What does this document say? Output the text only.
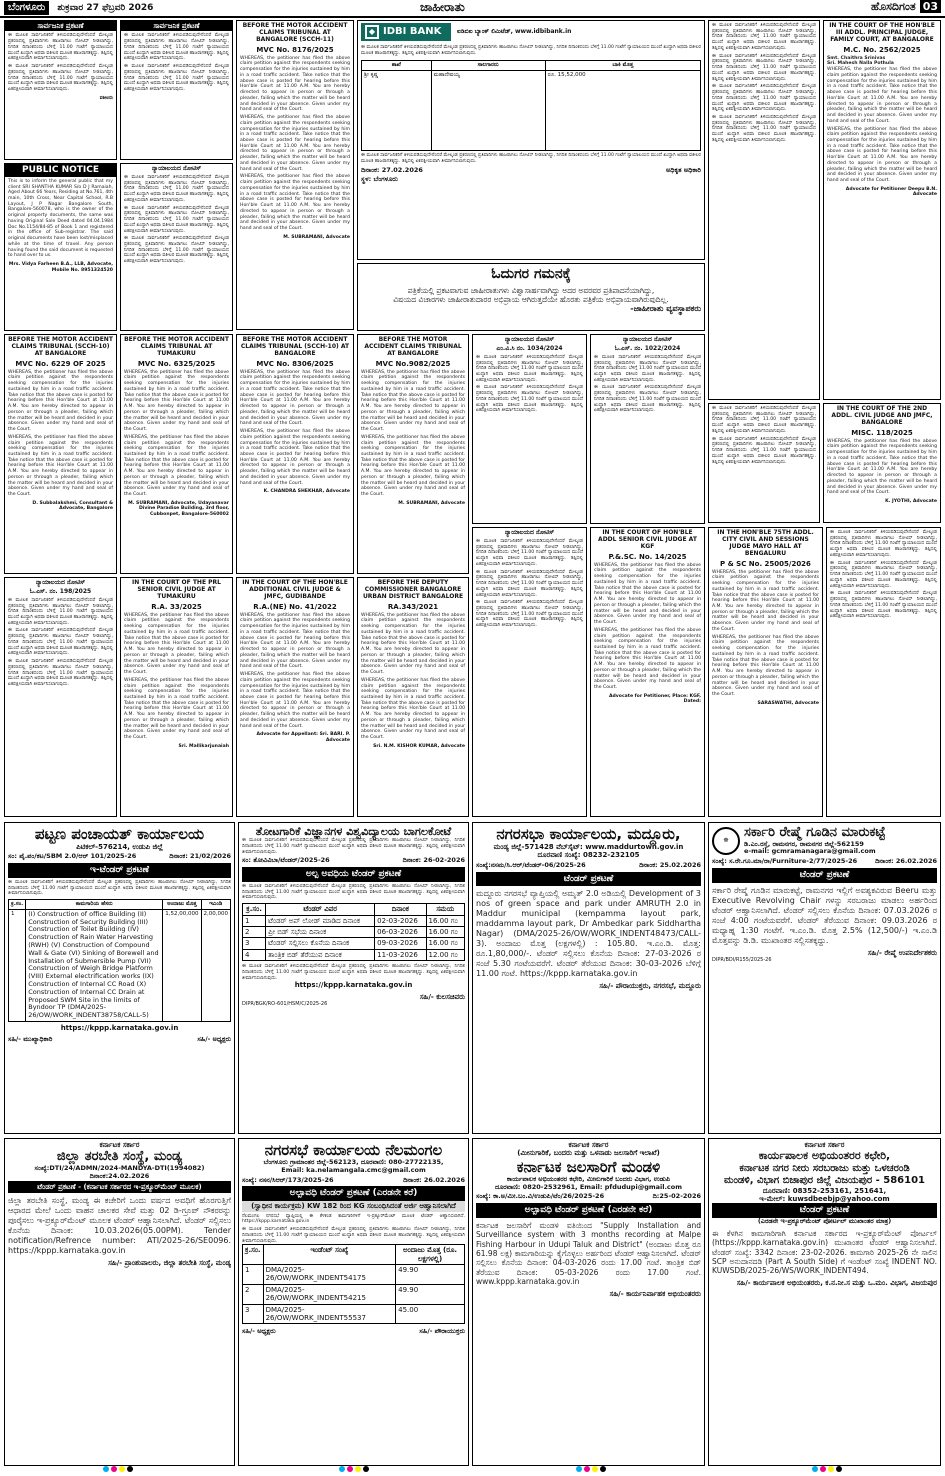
ಬೆಂಗಳೂರು	ಶುಕ್ರವಾರ 27 ಫೆಬ್ರವರಿ 2026	ಜಾಹೀರಾತು	ಹೊಸದಿಗಂತ 03
ಸಾರ್ವಜನಿಕ ಪ್ರಕಟಣೆ

ಈ ಮೂಲಕ ಸಾರ್ವಜನಿಕರಿಗೆ ತಿಳಿಯಪಡಿಸುವುದೇನೆಂದರೆ ಮೇಲ್ಕಂಡ ಪ್ರಕರಣದಲ್ಲಿ ಪ್ರತಿವಾದಿಗಳು ಹಾಜರಾಗಲು ನೋಟಿಸ್ ನೀಡಲಾಗಿದ್ದು, ನಿಗದಿತ ದಿನಾಂಕದಂದು ಬೆಳಿಗ್ಗೆ 11.00 ಗಂಟೆಗೆ ನ್ಯಾಯಾಲಯದ ಮುಂದೆ ಖುದ್ದಾಗಿ ಅಥವಾ ವಕೀಲರ ಮೂಲಕ ಹಾಜರಾಗತಕ್ಕದ್ದು. ತಪ್ಪಿದಲ್ಲಿ ಏಕಪಕ್ಷೀಯವಾಗಿ ತೀರ್ಮಾನಿಸಲಾಗುವುದು.

ಈ ಮೂಲಕ ಸಾರ್ವಜನಿಕರಿಗೆ ತಿಳಿಯಪಡಿಸುವುದೇನೆಂದರೆ ಮೇಲ್ಕಂಡ ಪ್ರಕರಣದಲ್ಲಿ ಪ್ರತಿವಾದಿಗಳು ಹಾಜರಾಗಲು ನೋಟಿಸ್ ನೀಡಲಾಗಿದ್ದು, ನಿಗದಿತ ದಿನಾಂಕದಂದು ಬೆಳಿಗ್ಗೆ 11.00 ಗಂಟೆಗೆ ನ್ಯಾಯಾಲಯದ ಮುಂದೆ ಖುದ್ದಾಗಿ ಅಥವಾ ವಕೀಲರ ಮೂಲಕ ಹಾಜರಾಗತಕ್ಕದ್ದು. ತಪ್ಪಿದಲ್ಲಿ ಏಕಪಕ್ಷೀಯವಾಗಿ ತೀರ್ಮಾನಿಸಲಾಗುವುದು.

ವಕೀಲರು
ಸಾರ್ವಜನಿಕ ಪ್ರಕಟಣೆ

ಈ ಮೂಲಕ ಸಾರ್ವಜನಿಕರಿಗೆ ತಿಳಿಯಪಡಿಸುವುದೇನೆಂದರೆ ಮೇಲ್ಕಂಡ ಪ್ರಕರಣದಲ್ಲಿ ಪ್ರತಿವಾದಿಗಳು ಹಾಜರಾಗಲು ನೋಟಿಸ್ ನೀಡಲಾಗಿದ್ದು, ನಿಗದಿತ ದಿನಾಂಕದಂದು ಬೆಳಿಗ್ಗೆ 11.00 ಗಂಟೆಗೆ ನ್ಯಾಯಾಲಯದ ಮುಂದೆ ಖುದ್ದಾಗಿ ಅಥವಾ ವಕೀಲರ ಮೂಲಕ ಹಾಜರಾಗತಕ್ಕದ್ದು. ತಪ್ಪಿದಲ್ಲಿ ಏಕಪಕ್ಷೀಯವಾಗಿ ತೀರ್ಮಾನಿಸಲಾಗುವುದು.

ಈ ಮೂಲಕ ಸಾರ್ವಜನಿಕರಿಗೆ ತಿಳಿಯಪಡಿಸುವುದೇನೆಂದರೆ ಮೇಲ್ಕಂಡ ಪ್ರಕರಣದಲ್ಲಿ ಪ್ರತಿವಾದಿಗಳು ಹಾಜರಾಗಲು ನೋಟಿಸ್ ನೀಡಲಾಗಿದ್ದು, ನಿಗದಿತ ದಿನಾಂಕದಂದು ಬೆಳಿಗ್ಗೆ 11.00 ಗಂಟೆಗೆ ನ್ಯಾಯಾಲಯದ ಮುಂದೆ ಖುದ್ದಾಗಿ ಅಥವಾ ವಕೀಲರ ಮೂಲಕ ಹಾಜರಾಗತಕ್ಕದ್ದು. ತಪ್ಪಿದಲ್ಲಿ ಏಕಪಕ್ಷೀಯವಾಗಿ ತೀರ್ಮಾನಿಸಲಾಗುವುದು.

PUBLIC NOTICE

This is to inform the general public that my client SRI SHANTHA KUMAR S/o D J Ramaiah, Aged About 66 Years, Residing at No.761, 4th main, 10th Cross, Near Capital School, R.B Layout, J P Nagar Bangalore South, Bangalore-560078, who is the owner of the original property documents, the same was having Original Sale Deed dated 04.04.1984 Doc No.1154/84-85 of Book 1 and registered in the office of Sub-registrar. The said original documents have been lost/misplaced while at the time of travel. Any person having found the said document is requested to hand over to us.

Mrs. Vidya Farheen B.A., LLB, Advocate, Mobile No. 8951324520
ನ್ಯಾಯಾಲಯದ ನೋಟಿಸ್

ಈ ಮೂಲಕ ಸಾರ್ವಜನಿಕರಿಗೆ ತಿಳಿಯಪಡಿಸುವುದೇನೆಂದರೆ ಮೇಲ್ಕಂಡ ಪ್ರಕರಣದಲ್ಲಿ ಪ್ರತಿವಾದಿಗಳು ಹಾಜರಾಗಲು ನೋಟಿಸ್ ನೀಡಲಾಗಿದ್ದು, ನಿಗದಿತ ದಿನಾಂಕದಂದು ಬೆಳಿಗ್ಗೆ 11.00 ಗಂಟೆಗೆ ನ್ಯಾಯಾಲಯದ ಮುಂದೆ ಖುದ್ದಾಗಿ ಅಥವಾ ವಕೀಲರ ಮೂಲಕ ಹಾಜರಾಗತಕ್ಕದ್ದು. ತಪ್ಪಿದಲ್ಲಿ ಏಕಪಕ್ಷೀಯವಾಗಿ ತೀರ್ಮಾನಿಸಲಾಗುವುದು.

ಈ ಮೂಲಕ ಸಾರ್ವಜನಿಕರಿಗೆ ತಿಳಿಯಪಡಿಸುವುದೇನೆಂದರೆ ಮೇಲ್ಕಂಡ ಪ್ರಕರಣದಲ್ಲಿ ಪ್ರತಿವಾದಿಗಳು ಹಾಜರಾಗಲು ನೋಟಿಸ್ ನೀಡಲಾಗಿದ್ದು, ನಿಗದಿತ ದಿನಾಂಕದಂದು ಬೆಳಿಗ್ಗೆ 11.00 ಗಂಟೆಗೆ ನ್ಯಾಯಾಲಯದ ಮುಂದೆ ಖುದ್ದಾಗಿ ಅಥವಾ ವಕೀಲರ ಮೂಲಕ ಹಾಜರಾಗತಕ್ಕದ್ದು. ತಪ್ಪಿದಲ್ಲಿ ಏಕಪಕ್ಷೀಯವಾಗಿ ತೀರ್ಮಾನಿಸಲಾಗುವುದು.

ಈ ಮೂಲಕ ಸಾರ್ವಜನಿಕರಿಗೆ ತಿಳಿಯಪಡಿಸುವುದೇನೆಂದರೆ ಮೇಲ್ಕಂಡ ಪ್ರಕರಣದಲ್ಲಿ ಪ್ರತಿವಾದಿಗಳು ಹಾಜರಾಗಲು ನೋಟಿಸ್ ನೀಡಲಾಗಿದ್ದು, ನಿಗದಿತ ದಿನಾಂಕದಂದು ಬೆಳಿಗ್ಗೆ 11.00 ಗಂಟೆಗೆ ನ್ಯಾಯಾಲಯದ ಮುಂದೆ ಖುದ್ದಾಗಿ ಅಥವಾ ವಕೀಲರ ಮೂಲಕ ಹಾಜರಾಗತಕ್ಕದ್ದು. ತಪ್ಪಿದಲ್ಲಿ ಏಕಪಕ್ಷೀಯವಾಗಿ ತೀರ್ಮಾನಿಸಲಾಗುವುದು.

BEFORE THE MOTOR ACCIDENT CLAIMS TRIBUNAL (SCCH-10) AT BANGALORE
MVC No. 6229 OF 2025

WHEREAS, the petitioner has filed the above claim petition against the respondents seeking compensation for the injuries sustained by him in a road traffic accident. Take notice that the above case is posted for hearing before this Hon'ble Court at 11.00 A.M. You are hereby directed to appear in person or through a pleader, failing which the matter will be heard and decided in your absence. Given under my hand and seal of the Court.

WHEREAS, the petitioner has filed the above claim petition against the respondents seeking compensation for the injuries sustained by him in a road traffic accident. Take notice that the above case is posted for hearing before this Hon'ble Court at 11.00 A.M. You are hereby directed to appear in person or through a pleader, failing which the matter will be heard and decided in your absence. Given under my hand and seal of the Court.

D. Subbalakshmi, Consultant & Advocate, Bangalore
ನ್ಯಾಯಾಲಯದ ನೋಟಿಸ್
ಓ.ಎಸ್. ನಂ. 198/2025

ಈ ಮೂಲಕ ಸಾರ್ವಜನಿಕರಿಗೆ ತಿಳಿಯಪಡಿಸುವುದೇನೆಂದರೆ ಮೇಲ್ಕಂಡ ಪ್ರಕರಣದಲ್ಲಿ ಪ್ರತಿವಾದಿಗಳು ಹಾಜರಾಗಲು ನೋಟಿಸ್ ನೀಡಲಾಗಿದ್ದು, ನಿಗದಿತ ದಿನಾಂಕದಂದು ಬೆಳಿಗ್ಗೆ 11.00 ಗಂಟೆಗೆ ನ್ಯಾಯಾಲಯದ ಮುಂದೆ ಖುದ್ದಾಗಿ ಅಥವಾ ವಕೀಲರ ಮೂಲಕ ಹಾಜರಾಗತಕ್ಕದ್ದು. ತಪ್ಪಿದಲ್ಲಿ ಏಕಪಕ್ಷೀಯವಾಗಿ ತೀರ್ಮಾನಿಸಲಾಗುವುದು.

ಈ ಮೂಲಕ ಸಾರ್ವಜನಿಕರಿಗೆ ತಿಳಿಯಪಡಿಸುವುದೇನೆಂದರೆ ಮೇಲ್ಕಂಡ ಪ್ರಕರಣದಲ್ಲಿ ಪ್ರತಿವಾದಿಗಳು ಹಾಜರಾಗಲು ನೋಟಿಸ್ ನೀಡಲಾಗಿದ್ದು, ನಿಗದಿತ ದಿನಾಂಕದಂದು ಬೆಳಿಗ್ಗೆ 11.00 ಗಂಟೆಗೆ ನ್ಯಾಯಾಲಯದ ಮುಂದೆ ಖುದ್ದಾಗಿ ಅಥವಾ ವಕೀಲರ ಮೂಲಕ ಹಾಜರಾಗತಕ್ಕದ್ದು. ತಪ್ಪಿದಲ್ಲಿ ಏಕಪಕ್ಷೀಯವಾಗಿ ತೀರ್ಮಾನಿಸಲಾಗುವುದು.

ಈ ಮೂಲಕ ಸಾರ್ವಜನಿಕರಿಗೆ ತಿಳಿಯಪಡಿಸುವುದೇನೆಂದರೆ ಮೇಲ್ಕಂಡ ಪ್ರಕರಣದಲ್ಲಿ ಪ್ರತಿವಾದಿಗಳು ಹಾಜರಾಗಲು ನೋಟಿಸ್ ನೀಡಲಾಗಿದ್ದು, ನಿಗದಿತ ದಿನಾಂಕದಂದು ಬೆಳಿಗ್ಗೆ 11.00 ಗಂಟೆಗೆ ನ್ಯಾಯಾಲಯದ ಮುಂದೆ ಖುದ್ದಾಗಿ ಅಥವಾ ವಕೀಲರ ಮೂಲಕ ಹಾಜರಾಗತಕ್ಕದ್ದು. ತಪ್ಪಿದಲ್ಲಿ ಏಕಪಕ್ಷೀಯವಾಗಿ ತೀರ್ಮಾನಿಸಲಾಗುವುದು.

IN THE COURT OF THE PRL SENIOR CIVIL JUDGE AT TUMAKURU
R.A. 33/2025

WHEREAS, the petitioner has filed the above claim petition against the respondents seeking compensation for the injuries sustained by him in a road traffic accident. Take notice that the above case is posted for hearing before this Hon'ble Court at 11.00 A.M. You are hereby directed to appear in person or through a pleader, failing which the matter will be heard and decided in your absence. Given under my hand and seal of the Court.

WHEREAS, the petitioner has filed the above claim petition against the respondents seeking compensation for the injuries sustained by him in a road traffic accident. Take notice that the above case is posted for hearing before this Hon'ble Court at 11.00 A.M. You are hereby directed to appear in person or through a pleader, failing which the matter will be heard and decided in your absence. Given under my hand and seal of the Court.

Sri. Mallikarjunaiah
BEFORE THE MOTOR ACCIDENT CLAIMS TRIBUNAL AT TUMAKURU
MVC No. 6325/2025

WHEREAS, the petitioner has filed the above claim petition against the respondents seeking compensation for the injuries sustained by him in a road traffic accident. Take notice that the above case is posted for hearing before this Hon'ble Court at 11.00 A.M. You are hereby directed to appear in person or through a pleader, failing which the matter will be heard and decided in your absence. Given under my hand and seal of the Court.

WHEREAS, the petitioner has filed the above claim petition against the respondents seeking compensation for the injuries sustained by him in a road traffic accident. Take notice that the above case is posted for hearing before this Hon'ble Court at 11.00 A.M. You are hereby directed to appear in person or through a pleader, failing which the matter will be heard and decided in your absence. Given under my hand and seal of the Court.

M. SUBRAMANI, Advocate, Udayanavar Divine Paradise Building, 3rd floor, Cubbonpet, Bangalore-560002
BEFORE THE MOTOR ACCIDENT CLAIMS TRIBUNAL AT BANGALORE (SCCH-11)
MVC No. 8176/2025

WHEREAS, the petitioner has filed the above claim petition against the respondents seeking compensation for the injuries sustained by him in a road traffic accident. Take notice that the above case is posted for hearing before this Hon'ble Court at 11.00 A.M. You are hereby directed to appear in person or through a pleader, failing which the matter will be heard and decided in your absence. Given under my hand and seal of the Court.

WHEREAS, the petitioner has filed the above claim petition against the respondents seeking compensation for the injuries sustained by him in a road traffic accident. Take notice that the above case is posted for hearing before this Hon'ble Court at 11.00 A.M. You are hereby directed to appear in person or through a pleader, failing which the matter will be heard and decided in your absence. Given under my hand and seal of the Court.

WHEREAS, the petitioner has filed the above claim petition against the respondents seeking compensation for the injuries sustained by him in a road traffic accident. Take notice that the above case is posted for hearing before this Hon'ble Court at 11.00 A.M. You are hereby directed to appear in person or through a pleader, failing which the matter will be heard and decided in your absence. Given under my hand and seal of the Court.

M. SUBRAMANI, Advocate
BEFORE THE MOTOR ACCIDENT CLAIMS TRIBUNAL (SCCH-10) AT BANGALORE
MVC No. 8306/2025

WHEREAS, the petitioner has filed the above claim petition against the respondents seeking compensation for the injuries sustained by him in a road traffic accident. Take notice that the above case is posted for hearing before this Hon'ble Court at 11.00 A.M. You are hereby directed to appear in person or through a pleader, failing which the matter will be heard and decided in your absence. Given under my hand and seal of the Court.

WHEREAS, the petitioner has filed the above claim petition against the respondents seeking compensation for the injuries sustained by him in a road traffic accident. Take notice that the above case is posted for hearing before this Hon'ble Court at 11.00 A.M. You are hereby directed to appear in person or through a pleader, failing which the matter will be heard and decided in your absence. Given under my hand and seal of the Court.

K. CHANDRA SHEKHAR, Advocate
IN THE COURT OF THE HON'BLE ADDITIONAL CIVIL JUDGE & JMFC, GUDIBANDE
R.A.(NE) No. 41/2022

WHEREAS, the petitioner has filed the above claim petition against the respondents seeking compensation for the injuries sustained by him in a road traffic accident. Take notice that the above case is posted for hearing before this Hon'ble Court at 11.00 A.M. You are hereby directed to appear in person or through a pleader, failing which the matter will be heard and decided in your absence. Given under my hand and seal of the Court.

WHEREAS, the petitioner has filed the above claim petition against the respondents seeking compensation for the injuries sustained by him in a road traffic accident. Take notice that the above case is posted for hearing before this Hon'ble Court at 11.00 A.M. You are hereby directed to appear in person or through a pleader, failing which the matter will be heard and decided in your absence. Given under my hand and seal of the Court.

Advocate for Appellant: Sri. BARI. P. Advocate
BEFORE THE MOTOR ACCIDENT CLAIMS TRIBUNAL AT BANGALORE
MVC No.9082/2025

WHEREAS, the petitioner has filed the above claim petition against the respondents seeking compensation for the injuries sustained by him in a road traffic accident. Take notice that the above case is posted for hearing before this Hon'ble Court at 11.00 A.M. You are hereby directed to appear in person or through a pleader, failing which the matter will be heard and decided in your absence. Given under my hand and seal of the Court.

WHEREAS, the petitioner has filed the above claim petition against the respondents seeking compensation for the injuries sustained by him in a road traffic accident. Take notice that the above case is posted for hearing before this Hon'ble Court at 11.00 A.M. You are hereby directed to appear in person or through a pleader, failing which the matter will be heard and decided in your absence. Given under my hand and seal of the Court.

M. SUBRAMANI, Advocate
BEFORE THE DEPUTY COMMISSIONER BANGALORE URBAN DISTRICT BANGALORE
RA.343/2021

WHEREAS, the petitioner has filed the above claim petition against the respondents seeking compensation for the injuries sustained by him in a road traffic accident. Take notice that the above case is posted for hearing before this Hon'ble Court at 11.00 A.M. You are hereby directed to appear in person or through a pleader, failing which the matter will be heard and decided in your absence. Given under my hand and seal of the Court.

WHEREAS, the petitioner has filed the above claim petition against the respondents seeking compensation for the injuries sustained by him in a road traffic accident. Take notice that the above case is posted for hearing before this Hon'ble Court at 11.00 A.M. You are hereby directed to appear in person or through a pleader, failing which the matter will be heard and decided in your absence. Given under my hand and seal of the Court.

Sri. N.M. KISHOR KUMAR, Advocate
◆ IDBI BANK	ಐಡಿಬಿಐ ಬ್ಯಾಂಕ್ ಲಿಮಿಟೆಡ್, www.idbibank.in

ಈ ಮೂಲಕ ಸಾರ್ವಜನಿಕರಿಗೆ ತಿಳಿಯಪಡಿಸುವುದೇನೆಂದರೆ ಮೇಲ್ಕಂಡ ಪ್ರಕರಣದಲ್ಲಿ ಪ್ರತಿವಾದಿಗಳು ಹಾಜರಾಗಲು ನೋಟಿಸ್ ನೀಡಲಾಗಿದ್ದು, ನಿಗದಿತ ದಿನಾಂಕದಂದು ಬೆಳಿಗ್ಗೆ 11.00 ಗಂಟೆಗೆ ನ್ಯಾಯಾಲಯದ ಮುಂದೆ ಖುದ್ದಾಗಿ ಅಥವಾ ವಕೀಲರ ಮೂಲಕ ಹಾಜರಾಗತಕ್ಕದ್ದು. ತಪ್ಪಿದಲ್ಲಿ ಏಕಪಕ್ಷೀಯವಾಗಿ ತೀರ್ಮಾನಿಸಲಾಗುವುದು.

ಶಾಖೆ	ಸಾಲಗಾರರು	ಬಾಕಿ ಮೊತ್ತ
ಶ್ರೀ ಕೃಷ್ಣ	ಮಹಾದೇವಯ್ಯ	ರೂ. 15,52,000

ಈ ಮೂಲಕ ಸಾರ್ವಜನಿಕರಿಗೆ ತಿಳಿಯಪಡಿಸುವುದೇನೆಂದರೆ ಮೇಲ್ಕಂಡ ಪ್ರಕರಣದಲ್ಲಿ ಪ್ರತಿವಾದಿಗಳು ಹಾಜರಾಗಲು ನೋಟಿಸ್ ನೀಡಲಾಗಿದ್ದು, ನಿಗದಿತ ದಿನಾಂಕದಂದು ಬೆಳಿಗ್ಗೆ 11.00 ಗಂಟೆಗೆ ನ್ಯಾಯಾಲಯದ ಮುಂದೆ ಖುದ್ದಾಗಿ ಅಥವಾ ವಕೀಲರ ಮೂಲಕ ಹಾಜರಾಗತಕ್ಕದ್ದು. ತಪ್ಪಿದಲ್ಲಿ ಏಕಪಕ್ಷೀಯವಾಗಿ ತೀರ್ಮಾನಿಸಲಾಗುವುದು.

ದಿನಾಂಕ: 27.02.2026	ಅಧಿಕೃತ ಅಧಿಕಾರಿ
ಸ್ಥಳ: ಬೆಂಗಳೂರು
ಓದುಗರ ಗಮನಕ್ಕೆ
ಪತ್ರಿಕೆಯಲ್ಲಿ ಪ್ರಕಟವಾಗುವ ಜಾಹೀರಾತುಗಳು ವಿಶ್ವಾಸಾರ್ಹವಾಗಿದ್ದು ಅದರ ಅವರವರ ಪ್ರತಿಪಾದನೆಯಾಗಿದ್ದು,
ವಿಷಯದ ವಿಚಾರಗಳು ಜಾಹೀರಾತುದಾರರ ಅಭಿಪ್ರಾಯ ಆಗಿರುತ್ತದೆಯೇ ಹೊರತು ಪತ್ರಿಕೆಯ ಅಭಿಪ್ರಾಯವಾಗಿರುವುದಿಲ್ಲ.
-ಜಾಹೀರಾತು ವ್ಯವಸ್ಥಾಪಕರು
ನ್ಯಾಯಾಲಯದ ನೋಟಿಸ್
ಎಂ.ವಿ.ಸಿ ನಂ. 1034/2024

ಈ ಮೂಲಕ ಸಾರ್ವಜನಿಕರಿಗೆ ತಿಳಿಯಪಡಿಸುವುದೇನೆಂದರೆ ಮೇಲ್ಕಂಡ ಪ್ರಕರಣದಲ್ಲಿ ಪ್ರತಿವಾದಿಗಳು ಹಾಜರಾಗಲು ನೋಟಿಸ್ ನೀಡಲಾಗಿದ್ದು, ನಿಗದಿತ ದಿನಾಂಕದಂದು ಬೆಳಿಗ್ಗೆ 11.00 ಗಂಟೆಗೆ ನ್ಯಾಯಾಲಯದ ಮುಂದೆ ಖುದ್ದಾಗಿ ಅಥವಾ ವಕೀಲರ ಮೂಲಕ ಹಾಜರಾಗತಕ್ಕದ್ದು. ತಪ್ಪಿದಲ್ಲಿ ಏಕಪಕ್ಷೀಯವಾಗಿ ತೀರ್ಮಾನಿಸಲಾಗುವುದು.

ಈ ಮೂಲಕ ಸಾರ್ವಜನಿಕರಿಗೆ ತಿಳಿಯಪಡಿಸುವುದೇನೆಂದರೆ ಮೇಲ್ಕಂಡ ಪ್ರಕರಣದಲ್ಲಿ ಪ್ರತಿವಾದಿಗಳು ಹಾಜರಾಗಲು ನೋಟಿಸ್ ನೀಡಲಾಗಿದ್ದು, ನಿಗದಿತ ದಿನಾಂಕದಂದು ಬೆಳಿಗ್ಗೆ 11.00 ಗಂಟೆಗೆ ನ್ಯಾಯಾಲಯದ ಮುಂದೆ ಖುದ್ದಾಗಿ ಅಥವಾ ವಕೀಲರ ಮೂಲಕ ಹಾಜರಾಗತಕ್ಕದ್ದು. ತಪ್ಪಿದಲ್ಲಿ ಏಕಪಕ್ಷೀಯವಾಗಿ ತೀರ್ಮಾನಿಸಲಾಗುವುದು.

ನ್ಯಾಯಾಲಯದ ನೋಟಿಸ್
ಓ.ಎಸ್. ನಂ. 1022/2024

ಈ ಮೂಲಕ ಸಾರ್ವಜನಿಕರಿಗೆ ತಿಳಿಯಪಡಿಸುವುದೇನೆಂದರೆ ಮೇಲ್ಕಂಡ ಪ್ರಕರಣದಲ್ಲಿ ಪ್ರತಿವಾದಿಗಳು ಹಾಜರಾಗಲು ನೋಟಿಸ್ ನೀಡಲಾಗಿದ್ದು, ನಿಗದಿತ ದಿನಾಂಕದಂದು ಬೆಳಿಗ್ಗೆ 11.00 ಗಂಟೆಗೆ ನ್ಯಾಯಾಲಯದ ಮುಂದೆ ಖುದ್ದಾಗಿ ಅಥವಾ ವಕೀಲರ ಮೂಲಕ ಹಾಜರಾಗತಕ್ಕದ್ದು. ತಪ್ಪಿದಲ್ಲಿ ಏಕಪಕ್ಷೀಯವಾಗಿ ತೀರ್ಮಾನಿಸಲಾಗುವುದು.

ಈ ಮೂಲಕ ಸಾರ್ವಜನಿಕರಿಗೆ ತಿಳಿಯಪಡಿಸುವುದೇನೆಂದರೆ ಮೇಲ್ಕಂಡ ಪ್ರಕರಣದಲ್ಲಿ ಪ್ರತಿವಾದಿಗಳು ಹಾಜರಾಗಲು ನೋಟಿಸ್ ನೀಡಲಾಗಿದ್ದು, ನಿಗದಿತ ದಿನಾಂಕದಂದು ಬೆಳಿಗ್ಗೆ 11.00 ಗಂಟೆಗೆ ನ್ಯಾಯಾಲಯದ ಮುಂದೆ ಖುದ್ದಾಗಿ ಅಥವಾ ವಕೀಲರ ಮೂಲಕ ಹಾಜರಾಗತಕ್ಕದ್ದು. ತಪ್ಪಿದಲ್ಲಿ ಏಕಪಕ್ಷೀಯವಾಗಿ ತೀರ್ಮಾನಿಸಲಾಗುವುದು.

ನ್ಯಾಯಾಲಯದ ನೋಟಿಸ್

ಈ ಮೂಲಕ ಸಾರ್ವಜನಿಕರಿಗೆ ತಿಳಿಯಪಡಿಸುವುದೇನೆಂದರೆ ಮೇಲ್ಕಂಡ ಪ್ರಕರಣದಲ್ಲಿ ಪ್ರತಿವಾದಿಗಳು ಹಾಜರಾಗಲು ನೋಟಿಸ್ ನೀಡಲಾಗಿದ್ದು, ನಿಗದಿತ ದಿನಾಂಕದಂದು ಬೆಳಿಗ್ಗೆ 11.00 ಗಂಟೆಗೆ ನ್ಯಾಯಾಲಯದ ಮುಂದೆ ಖುದ್ದಾಗಿ ಅಥವಾ ವಕೀಲರ ಮೂಲಕ ಹಾಜರಾಗತಕ್ಕದ್ದು. ತಪ್ಪಿದಲ್ಲಿ ಏಕಪಕ್ಷೀಯವಾಗಿ ತೀರ್ಮಾನಿಸಲಾಗುವುದು.

ಈ ಮೂಲಕ ಸಾರ್ವಜನಿಕರಿಗೆ ತಿಳಿಯಪಡಿಸುವುದೇನೆಂದರೆ ಮೇಲ್ಕಂಡ ಪ್ರಕರಣದಲ್ಲಿ ಪ್ರತಿವಾದಿಗಳು ಹಾಜರಾಗಲು ನೋಟಿಸ್ ನೀಡಲಾಗಿದ್ದು, ನಿಗದಿತ ದಿನಾಂಕದಂದು ಬೆಳಿಗ್ಗೆ 11.00 ಗಂಟೆಗೆ ನ್ಯಾಯಾಲಯದ ಮುಂದೆ ಖುದ್ದಾಗಿ ಅಥವಾ ವಕೀಲರ ಮೂಲಕ ಹಾಜರಾಗತಕ್ಕದ್ದು. ತಪ್ಪಿದಲ್ಲಿ ಏಕಪಕ್ಷೀಯವಾಗಿ ತೀರ್ಮಾನಿಸಲಾಗುವುದು.

ಈ ಮೂಲಕ ಸಾರ್ವಜನಿಕರಿಗೆ ತಿಳಿಯಪಡಿಸುವುದೇನೆಂದರೆ ಮೇಲ್ಕಂಡ ಪ್ರಕರಣದಲ್ಲಿ ಪ್ರತಿವಾದಿಗಳು ಹಾಜರಾಗಲು ನೋಟಿಸ್ ನೀಡಲಾಗಿದ್ದು, ನಿಗದಿತ ದಿನಾಂಕದಂದು ಬೆಳಿಗ್ಗೆ 11.00 ಗಂಟೆಗೆ ನ್ಯಾಯಾಲಯದ ಮುಂದೆ ಖುದ್ದಾಗಿ ಅಥವಾ ವಕೀಲರ ಮೂಲಕ ಹಾಜರಾಗತಕ್ಕದ್ದು. ತಪ್ಪಿದಲ್ಲಿ ಏಕಪಕ್ಷೀಯವಾಗಿ ತೀರ್ಮಾನಿಸಲಾಗುವುದು.

IN THE COURT OF HON'BLE ADDL SENIOR CIVIL JUDGE AT KGF
P.&.SC. No. 14/2025

WHEREAS, the petitioner has filed the above claim petition against the respondents seeking compensation for the injuries sustained by him in a road traffic accident. Take notice that the above case is posted for hearing before this Hon'ble Court at 11.00 A.M. You are hereby directed to appear in person or through a pleader, failing which the matter will be heard and decided in your absence. Given under my hand and seal of the Court.

WHEREAS, the petitioner has filed the above claim petition against the respondents seeking compensation for the injuries sustained by him in a road traffic accident. Take notice that the above case is posted for hearing before this Hon'ble Court at 11.00 A.M. You are hereby directed to appear in person or through a pleader, failing which the matter will be heard and decided in your absence. Given under my hand and seal of the Court.

Advocate for Petitioner, Place: KGF, Dated:

ಈ ಮೂಲಕ ಸಾರ್ವಜನಿಕರಿಗೆ ತಿಳಿಯಪಡಿಸುವುದೇನೆಂದರೆ ಮೇಲ್ಕಂಡ ಪ್ರಕರಣದಲ್ಲಿ ಪ್ರತಿವಾದಿಗಳು ಹಾಜರಾಗಲು ನೋಟಿಸ್ ನೀಡಲಾಗಿದ್ದು, ನಿಗದಿತ ದಿನಾಂಕದಂದು ಬೆಳಿಗ್ಗೆ 11.00 ಗಂಟೆಗೆ ನ್ಯಾಯಾಲಯದ ಮುಂದೆ ಖುದ್ದಾಗಿ ಅಥವಾ ವಕೀಲರ ಮೂಲಕ ಹಾಜರಾಗತಕ್ಕದ್ದು. ತಪ್ಪಿದಲ್ಲಿ ಏಕಪಕ್ಷೀಯವಾಗಿ ತೀರ್ಮಾನಿಸಲಾಗುವುದು.

ಈ ಮೂಲಕ ಸಾರ್ವಜನಿಕರಿಗೆ ತಿಳಿಯಪಡಿಸುವುದೇನೆಂದರೆ ಮೇಲ್ಕಂಡ ಪ್ರಕರಣದಲ್ಲಿ ಪ್ರತಿವಾದಿಗಳು ಹಾಜರಾಗಲು ನೋಟಿಸ್ ನೀಡಲಾಗಿದ್ದು, ನಿಗದಿತ ದಿನಾಂಕದಂದು ಬೆಳಿಗ್ಗೆ 11.00 ಗಂಟೆಗೆ ನ್ಯಾಯಾಲಯದ ಮುಂದೆ ಖುದ್ದಾಗಿ ಅಥವಾ ವಕೀಲರ ಮೂಲಕ ಹಾಜರಾಗತಕ್ಕದ್ದು. ತಪ್ಪಿದಲ್ಲಿ ಏಕಪಕ್ಷೀಯವಾಗಿ ತೀರ್ಮಾನಿಸಲಾಗುವುದು.

ಈ ಮೂಲಕ ಸಾರ್ವಜನಿಕರಿಗೆ ತಿಳಿಯಪಡಿಸುವುದೇನೆಂದರೆ ಮೇಲ್ಕಂಡ ಪ್ರಕರಣದಲ್ಲಿ ಪ್ರತಿವಾದಿಗಳು ಹಾಜರಾಗಲು ನೋಟಿಸ್ ನೀಡಲಾಗಿದ್ದು, ನಿಗದಿತ ದಿನಾಂಕದಂದು ಬೆಳಿಗ್ಗೆ 11.00 ಗಂಟೆಗೆ ನ್ಯಾಯಾಲಯದ ಮುಂದೆ ಖುದ್ದಾಗಿ ಅಥವಾ ವಕೀಲರ ಮೂಲಕ ಹಾಜರಾಗತಕ್ಕದ್ದು. ತಪ್ಪಿದಲ್ಲಿ ಏಕಪಕ್ಷೀಯವಾಗಿ ತೀರ್ಮಾನಿಸಲಾಗುವುದು.

ಈ ಮೂಲಕ ಸಾರ್ವಜನಿಕರಿಗೆ ತಿಳಿಯಪಡಿಸುವುದೇನೆಂದರೆ ಮೇಲ್ಕಂಡ ಪ್ರಕರಣದಲ್ಲಿ ಪ್ರತಿವಾದಿಗಳು ಹಾಜರಾಗಲು ನೋಟಿಸ್ ನೀಡಲಾಗಿದ್ದು, ನಿಗದಿತ ದಿನಾಂಕದಂದು ಬೆಳಿಗ್ಗೆ 11.00 ಗಂಟೆಗೆ ನ್ಯಾಯಾಲಯದ ಮುಂದೆ ಖುದ್ದಾಗಿ ಅಥವಾ ವಕೀಲರ ಮೂಲಕ ಹಾಜರಾಗತಕ್ಕದ್ದು. ತಪ್ಪಿದಲ್ಲಿ ಏಕಪಕ್ಷೀಯವಾಗಿ ತೀರ್ಮಾನಿಸಲಾಗುವುದು.

IN THE COURT OF THE HON'BLE III ADDL. PRINCIPAL JUDGE, FAMILY COURT, AT BANGALORE
M.C. No. 2562/2025

Smt. Chaithra Srinivas

Sri. Mahesh Nalla Pothula

WHEREAS, the petitioner has filed the above claim petition against the respondents seeking compensation for the injuries sustained by him in a road traffic accident. Take notice that the above case is posted for hearing before this Hon'ble Court at 11.00 A.M. You are hereby directed to appear in person or through a pleader, failing which the matter will be heard and decided in your absence. Given under my hand and seal of the Court.

WHEREAS, the petitioner has filed the above claim petition against the respondents seeking compensation for the injuries sustained by him in a road traffic accident. Take notice that the above case is posted for hearing before this Hon'ble Court at 11.00 A.M. You are hereby directed to appear in person or through a pleader, failing which the matter will be heard and decided in your absence. Given under my hand and seal of the Court.

Advocate for Petitioner Deepu B.N. Advocate

ಈ ಮೂಲಕ ಸಾರ್ವಜನಿಕರಿಗೆ ತಿಳಿಯಪಡಿಸುವುದೇನೆಂದರೆ ಮೇಲ್ಕಂಡ ಪ್ರಕರಣದಲ್ಲಿ ಪ್ರತಿವಾದಿಗಳು ಹಾಜರಾಗಲು ನೋಟಿಸ್ ನೀಡಲಾಗಿದ್ದು, ನಿಗದಿತ ದಿನಾಂಕದಂದು ಬೆಳಿಗ್ಗೆ 11.00 ಗಂಟೆಗೆ ನ್ಯಾಯಾಲಯದ ಮುಂದೆ ಖುದ್ದಾಗಿ ಅಥವಾ ವಕೀಲರ ಮೂಲಕ ಹಾಜರಾಗತಕ್ಕದ್ದು. ತಪ್ಪಿದಲ್ಲಿ ಏಕಪಕ್ಷೀಯವಾಗಿ ತೀರ್ಮಾನಿಸಲಾಗುವುದು.

ಈ ಮೂಲಕ ಸಾರ್ವಜನಿಕರಿಗೆ ತಿಳಿಯಪಡಿಸುವುದೇನೆಂದರೆ ಮೇಲ್ಕಂಡ ಪ್ರಕರಣದಲ್ಲಿ ಪ್ರತಿವಾದಿಗಳು ಹಾಜರಾಗಲು ನೋಟಿಸ್ ನೀಡಲಾಗಿದ್ದು, ನಿಗದಿತ ದಿನಾಂಕದಂದು ಬೆಳಿಗ್ಗೆ 11.00 ಗಂಟೆಗೆ ನ್ಯಾಯಾಲಯದ ಮುಂದೆ ಖುದ್ದಾಗಿ ಅಥವಾ ವಕೀಲರ ಮೂಲಕ ಹಾಜರಾಗತಕ್ಕದ್ದು. ತಪ್ಪಿದಲ್ಲಿ ಏಕಪಕ್ಷೀಯವಾಗಿ ತೀರ್ಮಾನಿಸಲಾಗುವುದು.

IN THE COURT OF THE 2ND ADDL. CIVIL JUDGE AND JMFC, BANGALORE
MISC. 118/2025

WHEREAS, the petitioner has filed the above claim petition against the respondents seeking compensation for the injuries sustained by him in a road traffic accident. Take notice that the above case is posted for hearing before this Hon'ble Court at 11.00 A.M. You are hereby directed to appear in person or through a pleader, failing which the matter will be heard and decided in your absence. Given under my hand and seal of the Court.

K. JYOTHI, Advocate
IN THE HON'BLE 75TH ADDL. CITY CIVIL AND SESSIONS JUDGE MAYO HALL AT BENGALURU
P & SC No. 25005/2026

WHEREAS, the petitioner has filed the above claim petition against the respondents seeking compensation for the injuries sustained by him in a road traffic accident. Take notice that the above case is posted for hearing before this Hon'ble Court at 11.00 A.M. You are hereby directed to appear in person or through a pleader, failing which the matter will be heard and decided in your absence. Given under my hand and seal of the Court.

WHEREAS, the petitioner has filed the above claim petition against the respondents seeking compensation for the injuries sustained by him in a road traffic accident. Take notice that the above case is posted for hearing before this Hon'ble Court at 11.00 A.M. You are hereby directed to appear in person or through a pleader, failing which the matter will be heard and decided in your absence. Given under my hand and seal of the Court.

SARASWATHI, Advocate

ಈ ಮೂಲಕ ಸಾರ್ವಜನಿಕರಿಗೆ ತಿಳಿಯಪಡಿಸುವುದೇನೆಂದರೆ ಮೇಲ್ಕಂಡ ಪ್ರಕರಣದಲ್ಲಿ ಪ್ರತಿವಾದಿಗಳು ಹಾಜರಾಗಲು ನೋಟಿಸ್ ನೀಡಲಾಗಿದ್ದು, ನಿಗದಿತ ದಿನಾಂಕದಂದು ಬೆಳಿಗ್ಗೆ 11.00 ಗಂಟೆಗೆ ನ್ಯಾಯಾಲಯದ ಮುಂದೆ ಖುದ್ದಾಗಿ ಅಥವಾ ವಕೀಲರ ಮೂಲಕ ಹಾಜರಾಗತಕ್ಕದ್ದು. ತಪ್ಪಿದಲ್ಲಿ ಏಕಪಕ್ಷೀಯವಾಗಿ ತೀರ್ಮಾನಿಸಲಾಗುವುದು.

ಈ ಮೂಲಕ ಸಾರ್ವಜನಿಕರಿಗೆ ತಿಳಿಯಪಡಿಸುವುದೇನೆಂದರೆ ಮೇಲ್ಕಂಡ ಪ್ರಕರಣದಲ್ಲಿ ಪ್ರತಿವಾದಿಗಳು ಹಾಜರಾಗಲು ನೋಟಿಸ್ ನೀಡಲಾಗಿದ್ದು, ನಿಗದಿತ ದಿನಾಂಕದಂದು ಬೆಳಿಗ್ಗೆ 11.00 ಗಂಟೆಗೆ ನ್ಯಾಯಾಲಯದ ಮುಂದೆ ಖುದ್ದಾಗಿ ಅಥವಾ ವಕೀಲರ ಮೂಲಕ ಹಾಜರಾಗತಕ್ಕದ್ದು. ತಪ್ಪಿದಲ್ಲಿ ಏಕಪಕ್ಷೀಯವಾಗಿ ತೀರ್ಮಾನಿಸಲಾಗುವುದು.

ಈ ಮೂಲಕ ಸಾರ್ವಜನಿಕರಿಗೆ ತಿಳಿಯಪಡಿಸುವುದೇನೆಂದರೆ ಮೇಲ್ಕಂಡ ಪ್ರಕರಣದಲ್ಲಿ ಪ್ರತಿವಾದಿಗಳು ಹಾಜರಾಗಲು ನೋಟಿಸ್ ನೀಡಲಾಗಿದ್ದು, ನಿಗದಿತ ದಿನಾಂಕದಂದು ಬೆಳಿಗ್ಗೆ 11.00 ಗಂಟೆಗೆ ನ್ಯಾಯಾಲಯದ ಮುಂದೆ ಖುದ್ದಾಗಿ ಅಥವಾ ವಕೀಲರ ಮೂಲಕ ಹಾಜರಾಗತಕ್ಕದ್ದು. ತಪ್ಪಿದಲ್ಲಿ ಏಕಪಕ್ಷೀಯವಾಗಿ ತೀರ್ಮಾನಿಸಲಾಗುವುದು.

ಪಟ್ಟಣ ಪಂಚಾಯತ್ ಕಾರ್ಯಾಲಯ
ಪಿಟಿಕಲ್-576214, ಉಡುಪಿ ಜಿಲ್ಲೆ
ಸಂ: ಪೈ.ಪಂ/ಕಟ/SBM 2.0/ಆರ್ 101/2025-26	ದಿನಾಂಕ: 21/02/2026
ಇ-ಟೆಂಡರ್ ಪ್ರಕಟಣೆ

ಈ ಮೂಲಕ ಸಾರ್ವಜನಿಕರಿಗೆ ತಿಳಿಯಪಡಿಸುವುದೇನೆಂದರೆ ಮೇಲ್ಕಂಡ ಪ್ರಕರಣದಲ್ಲಿ ಪ್ರತಿವಾದಿಗಳು ಹಾಜರಾಗಲು ನೋಟಿಸ್ ನೀಡಲಾಗಿದ್ದು, ನಿಗದಿತ ದಿನಾಂಕದಂದು ಬೆಳಿಗ್ಗೆ 11.00 ಗಂಟೆಗೆ ನ್ಯಾಯಾಲಯದ ಮುಂದೆ ಖುದ್ದಾಗಿ ಅಥವಾ ವಕೀಲರ ಮೂಲಕ ಹಾಜರಾಗತಕ್ಕದ್ದು. ತಪ್ಪಿದಲ್ಲಿ ಏಕಪಕ್ಷೀಯವಾಗಿ ತೀರ್ಮಾನಿಸಲಾಗುವುದು.

ಕ್ರ.ಸಂ.	ಕಾಮಗಾರಿಯ ಹೆಸರು	ಅಂದಾಜು ಮೊತ್ತ	ಇಎಂಡಿ
1	(I) Construction of office Building (II) Construction of Security Building (III) Construction of Toilet Building (IV) Construction of Rain Water Harvesting (RWH) (V) Construction of Compound Wall & Gate (VI) Sinking of Borewell and Installation of Submersible Pump (VII) Construction of Weigh Bridge Platform (VIII) External electrification works (IX) Construction of Internal CC Road (X) Construction of Internal CC Drain at Proposed SWM Site in the limits of Byndoor TP (DMA/2025-26/OW/WORK_INDENT38758/CALL-5)	1,52,00,000	2,00,000
https://kppp.karnataka.gov.in
ಸಹಿ/- ಮುಖ್ಯಾಧಿಕಾರಿ	ಸಹಿ/- ಅಧ್ಯಕ್ಷರು
ತೋಟಗಾರಿಕೆ ವಿಜ್ಞಾನಗಳ ವಿಶ್ವವಿದ್ಯಾಲಯ ಬಾಗಲಕೋಟೆ

ಈ ಮೂಲಕ ಸಾರ್ವಜನಿಕರಿಗೆ ತಿಳಿಯಪಡಿಸುವುದೇನೆಂದರೆ ಮೇಲ್ಕಂಡ ಪ್ರಕರಣದಲ್ಲಿ ಪ್ರತಿವಾದಿಗಳು ಹಾಜರಾಗಲು ನೋಟಿಸ್ ನೀಡಲಾಗಿದ್ದು, ನಿಗದಿತ ದಿನಾಂಕದಂದು ಬೆಳಿಗ್ಗೆ 11.00 ಗಂಟೆಗೆ ನ್ಯಾಯಾಲಯದ ಮುಂದೆ ಖುದ್ದಾಗಿ ಅಥವಾ ವಕೀಲರ ಮೂಲಕ ಹಾಜರಾಗತಕ್ಕದ್ದು. ತಪ್ಪಿದಲ್ಲಿ ಏಕಪಕ್ಷೀಯವಾಗಿ ತೀರ್ಮಾನಿಸಲಾಗುವುದು.

ಸಂ: ತೋವಿವಿಬಾ/ಟೆಂಡರ್/2025-26	ದಿನಾಂಕ: 26-02-2026
ಅಲ್ಪ ಅವಧಿಯ ಟೆಂಡರ್ ಪ್ರಕಟಣೆ

ಈ ಮೂಲಕ ಸಾರ್ವಜನಿಕರಿಗೆ ತಿಳಿಯಪಡಿಸುವುದೇನೆಂದರೆ ಮೇಲ್ಕಂಡ ಪ್ರಕರಣದಲ್ಲಿ ಪ್ರತಿವಾದಿಗಳು ಹಾಜರಾಗಲು ನೋಟಿಸ್ ನೀಡಲಾಗಿದ್ದು, ನಿಗದಿತ ದಿನಾಂಕದಂದು ಬೆಳಿಗ್ಗೆ 11.00 ಗಂಟೆಗೆ ನ್ಯಾಯಾಲಯದ ಮುಂದೆ ಖುದ್ದಾಗಿ ಅಥವಾ ವಕೀಲರ ಮೂಲಕ ಹಾಜರಾಗತಕ್ಕದ್ದು. ತಪ್ಪಿದಲ್ಲಿ ಏಕಪಕ್ಷೀಯವಾಗಿ ತೀರ್ಮಾನಿಸಲಾಗುವುದು.

ಕ್ರ.ಸಂ.	ಟೆಂಡರ್ ವಿವರ	ದಿನಾಂಕ	ಸಮಯ
1	ಟೆಂಡರ್ ಅಪ್ ಲೋಡ್ ಮಾಡಿದ ದಿನಾಂಕ	02-03-2026	16.00 ಗಂ
2	ಪ್ರೀ ಬಿಡ್ ಸಭೆಯ ದಿನಾಂಕ	06-03-2026	16.00 ಗಂ
3	ಟೆಂಡರ್ ಸಲ್ಲಿಸಲು ಕೊನೆಯ ದಿನಾಂಕ	09-03-2026	16.00 ಗಂ
4	ತಾಂತ್ರಿಕ ಬಿಡ್ ತೆರೆಯುವ ದಿನಾಂಕ	11-03-2026	12.00 ಗಂ

ಈ ಮೂಲಕ ಸಾರ್ವಜನಿಕರಿಗೆ ತಿಳಿಯಪಡಿಸುವುದೇನೆಂದರೆ ಮೇಲ್ಕಂಡ ಪ್ರಕರಣದಲ್ಲಿ ಪ್ರತಿವಾದಿಗಳು ಹಾಜರಾಗಲು ನೋಟಿಸ್ ನೀಡಲಾಗಿದ್ದು, ನಿಗದಿತ ದಿನಾಂಕದಂದು ಬೆಳಿಗ್ಗೆ 11.00 ಗಂಟೆಗೆ ನ್ಯಾಯಾಲಯದ ಮುಂದೆ ಖುದ್ದಾಗಿ ಅಥವಾ ವಕೀಲರ ಮೂಲಕ ಹಾಜರಾಗತಕ್ಕದ್ದು. ತಪ್ಪಿದಲ್ಲಿ ಏಕಪಕ್ಷೀಯವಾಗಿ ತೀರ್ಮಾನಿಸಲಾಗುವುದು.

https://kppp.karnataka.gov.in
ಸಹಿ/- ಕುಲಸಚಿವರು
DIPR/BGK/RO-601/HSM/C/2025-26
ನಗರಸಭಾ ಕಾರ್ಯಾಲಯ, ಮದ್ದೂರು,
ಮಂಡ್ಯ ಜಿಲ್ಲೆ-571428 ವೆಬ್‌ಸೈಟ್: www.maddurtown.gov.in
ದೂರವಾಣಿ ಸಂಖ್ಯೆ: 08232-232105
ಸಂಖ್ಯೆ:ನಸಮ/ಸಿ.ಆರ್/ಟೆಂಡರ್-06/2025-26	ದಿನಾಂಕ: 25.02.2026
ಟೆಂಡರ್ ಪ್ರಕಟಣೆ

ಮದ್ದೂರು ನಗರಸಭೆ ವ್ಯಾಪ್ತಿಯಲ್ಲಿ ಅಮೃತ್ 2.0 ಅಡಿಯಲ್ಲಿ Development of 3 nos of green space and park under AMRUTH 2.0 in Maddur municipal (kempamma layout park, maddamma layout park, Dr Ambedkar park Siddhartha Nagar) (DMA/2025-26/OW/WORK_INDENT48473/CALL-3). ಅಂದಾಜು ಮೊತ್ತ (ಲಕ್ಷಗಳಲ್ಲಿ) : 105.80. ಇ.ಎಂ.ಡಿ. ಮೊತ್ತ: ರೂ.1,80,000/-. ಟೆಂಡರ್ ಸಲ್ಲಿಸಲು ಕೊನೆಯ ದಿನಾಂಕ: 27-03-2026 ರ ಸಂಜೆ 5.30 ಗಂಟೆಯವರೆಗೆ. ಟೆಂಡರ್ ತೆರೆಯುವ ದಿನಾಂಕ: 30-03-2026 ಬೆಳಿಗ್ಗೆ 11.00 ಗಂಟೆ. https://kppp.karnataka.gov.in

ಸಹಿ/- ಪೌರಾಯುಕ್ತರು, ನಗರಸಭೆ, ಮದ್ದೂರು
☸
ಸರ್ಕಾರಿ ರೇಷ್ಮೆ ಗೂಡಿನ ಮಾರುಕಟ್ಟೆ
ಡಿ.ಎಂ.ರಸ್ತೆ, ರಾಮನಗರ, ರಾಮನಗರ ಜಿಲ್ಲೆ-562159
e-mail: gcmramanagara@gmail.com
ಸಂಖ್ಯೆ: ಸ.ರೇ.ಗೂ.ಮಾ/ರಾ/Furniture-2/77/2025-26	ದಿನಾಂಕ: 26.02.2026
ಟೆಂಡರ್ ಪ್ರಕಟಣೆ

ಸರ್ಕಾರಿ ರೇಷ್ಮೆ ಗೂಡಿನ ಮಾರುಕಟ್ಟೆ, ರಾಮನಗರ ಇಲ್ಲಿಗೆ ಅವಶ್ಯಕವಿರುವ Beeru ಮತ್ತು Executive Revolving Chair ಗಳನ್ನು ಸರಬರಾಜು ಮಾಡಲು ಅರ್ಹರಿಂದ ಟೆಂಡರ್ ಆಹ್ವಾನಿಸಲಾಗಿದೆ. ಟೆಂಡರ್ ಸಲ್ಲಿಸಲು ಕೊನೆಯ ದಿನಾಂಕ: 07.03.2026 ರ ಸಂಜೆ 4:00 ಗಂಟೆಯವರೆಗೆ. ಟೆಂಡರ್ ತೆರೆಯುವ ದಿನಾಂಕ: 09.03.2026 ರ ಮಧ್ಯಾಹ್ನ 1:30 ಗಂಟೆಗೆ. ಇ.ಎಂ.ಡಿ. ಮೊತ್ತ 2.5% (12,500/-) ಇ.ಎಂ.ಡಿ ಮೊತ್ತವನ್ನು ಡಿ.ಡಿ. ಮುಖಾಂತರ ಸಲ್ಲಿಸತಕ್ಕದ್ದು.

ಸಹಿ/- ರೇಷ್ಮೆ ಉಪನಿರ್ದೇಶಕರು
DIPR/BDI/R155/2025-26
ಕರ್ನಾಟಕ ಸರ್ಕಾರ
ಜಿಲ್ಲಾ ತರಬೇತಿ ಸಂಸ್ಥೆ, ಮಂಡ್ಯ
ಸಂಖ್ಯೆ:DTI/24/ADMN/2024-MANDYA-DTI(1994082)
ದಿನಾಂಕ:24.02.2026
ಟೆಂಡರ್ ಪ್ರಕಟಣೆ - (ಕರ್ನಾಟಕ ಸರ್ಕಾರದ ಇ-ಪ್ರಕ್ಯೂರ್‌ಮೆಂಟ್ ಮೂಲಕ)

ಜಿಲ್ಲಾ ತರಬೇತಿ ಸಂಸ್ಥೆ, ಮಂಡ್ಯ ಈ ಕಚೇರಿಗೆ ಒಂದು ವರ್ಷದ ಅವಧಿಗೆ ಹೊರಗುತ್ತಿಗೆ ಆಧಾರದ ಮೇಲೆ ಒಂದು ವಾಹನ ಚಾಲಕರ ಸೇವೆ ಮತ್ತು 02 ಡಿ-ಗ್ರೂಪ್ ನೌಕರರನ್ನು ಪೂರೈಸಲು ಇ-ಪ್ರಕ್ಯೂರ್‌ಮೆಂಟ್ ಮೂಲಕ ಟೆಂಡರ್ ಆಹ್ವಾನಿಸಲಾಗಿದೆ. ಟೆಂಡರ್ ಸಲ್ಲಿಸಲು ಕೊನೆಯ ದಿನಾಂಕ: 10.03.2026(05.00PM). Tender notification/Refrence number: ATI/2025-26/SE0096. https://kppp.karnataka.gov.in

ಸಹಿ/- ಪ್ರಾಂಶುಪಾಲರು, ಜಿಲ್ಲಾ ತರಬೇತಿ ಸಂಸ್ಥೆ, ಮಂಡ್ಯ
ನಗರಸಭೆ ಕಾರ್ಯಾಲಯ ನೆಲಮಂಗಲ
ಬೆಂಗಳೂರು ಗ್ರಾಮಾಂತರ ಜಿಲ್ಲೆ-562123, ದೂರವಾಣಿ: 080-27722135,
Email: ka.nelamangala.cmc@gmail.com
ಸಂಖ್ಯೆ: ನಸನ/ಸಿಆರ್/173/2025-26	ದಿನಾಂಕ: 26.02.2026
ಅಲ್ಪಾವಧಿ ಟೆಂಡರ್ ಪ್ರಕಟಣೆ (ಎರಡನೇ ಕರೆ)
(ಸ್ವಾಧೀನ ಕಾರ್ಯಕ್ರಮ) KW 182 ರಿಂದ KG ಸಂಬಂಧಿಸಿದಂತೆ ಅರ್ಜಿ ಆಹ್ವಾನಿಸಲಾಗಿದೆ

ನೆಲಮಂಗಲ ನಗರಸಭೆ ವ್ಯಾಪ್ತಿಯಲ್ಲಿ ಈ ಕೆಳಕಂಡ ಕಾಮಗಾರಿಗಳಿಗೆ ಇ-ಪ್ರಕ್ಯೂರ್‌ಮೆಂಟ್ ಮೂಲಕ ಟೆಂಡರ್ ಆಹ್ವಾನಿಸಲಾಗಿದೆ. https://kppp.karnataka.gov.in

ಈ ಮೂಲಕ ಸಾರ್ವಜನಿಕರಿಗೆ ತಿಳಿಯಪಡಿಸುವುದೇನೆಂದರೆ ಮೇಲ್ಕಂಡ ಪ್ರಕರಣದಲ್ಲಿ ಪ್ರತಿವಾದಿಗಳು ಹಾಜರಾಗಲು ನೋಟಿಸ್ ನೀಡಲಾಗಿದ್ದು, ನಿಗದಿತ ದಿನಾಂಕದಂದು ಬೆಳಿಗ್ಗೆ 11.00 ಗಂಟೆಗೆ ನ್ಯಾಯಾಲಯದ ಮುಂದೆ ಖುದ್ದಾಗಿ ಅಥವಾ ವಕೀಲರ ಮೂಲಕ ಹಾಜರಾಗತಕ್ಕದ್ದು. ತಪ್ಪಿದಲ್ಲಿ ಏಕಪಕ್ಷೀಯವಾಗಿ ತೀರ್ಮಾನಿಸಲಾಗುವುದು.

ಕ್ರ.ಸಂ.	ಇಂಡೆಂಟ್ ಸಂಖ್ಯೆ	ಅಂದಾಜು ಮೊತ್ತ (ರೂ. ಲಕ್ಷಗಳಲ್ಲಿ)
1	DMA/2025-26/OW/WORK_INDENT54175	49.90
2	DMA/2025-26/OW/WORK_INDENT54215	49.90
3	DMA/2025-26/OW/WORK_INDENT55537	45.00
ಸಹಿ/- ಅಧ್ಯಕ್ಷರು	ಸಹಿ/- ಪೌರಾಯುಕ್ತರು
ಕರ್ನಾಟಕ ಸರ್ಕಾರ
(ಮೀನುಗಾರಿಕೆ, ಬಂದರು ಮತ್ತು ಒಳನಾಡು ಜಲಸಾರಿಗೆ ಇಲಾಖೆ)
ಕರ್ನಾಟಕ ಜಲಸಾರಿಗೆ ಮಂಡಳಿ
ಕಾರ್ಯಪಾಲಕ ಅಭಿಯಂತರರ ಕಛೇರಿ, ಮೀನುಗಾರಿಕೆ ಬಂದರು ವಿಭಾಗ, ಉಡುಪಿ
ದೂರವಾಣಿ: 0820-2532961, Email: pfdudupi@gmail.com
ಸಂಖ್ಯೆ: ಕಾ.ಅ/ಮೀ.ಬಂ.ವಿ/ಉಡುಪಿ/ಟೆಂ/26/2025-26	ದಿ:25-02-2026
ಅಲ್ಪಾವಧಿ ಟೆಂಡರ್ ಪ್ರಕಟಣೆ (ಎರಡನೇ ಕರೆ)

ಕರ್ನಾಟಕ ಜಲಸಾರಿಗೆ ಮಂಡಳಿ ವತಿಯಿಂದ "Supply Installation and Surveillance system with 3 months recording at Malpe Fishing Harbour in Udupi Taluk and District" (ಅಂದಾಜು ಮೊತ್ತ ರೂ 61.98 ಲಕ್ಷ) ಕಾಮಗಾರಿಯನ್ನು ಕೈಗೊಳ್ಳಲು ಅರ್ಹರಿಂದ ಟೆಂಡರ್ ಆಹ್ವಾನಿಸಲಾಗಿದೆ. ಟೆಂಡರ್ ಸಲ್ಲಿಸಲು ಕೊನೆಯ ದಿನಾಂಕ: 04-03-2026 ರಂದು 17.00 ಗಂಟೆ. ತಾಂತ್ರಿಕ ಬಿಡ್ ತೆರೆಯುವ ದಿನಾಂಕ: 05-03-2026 ರಂದು 17.00 ಗಂಟೆ. www.kppp.karnataka.gov.in

ಸಹಿ/- ಕಾರ್ಯನಿರ್ವಾಹಕ ಅಭಿಯಂತರರು
ಕರ್ನಾಟಕ ಸರ್ಕಾರ
ಕಾರ್ಯಪಾಲಕ ಅಭಿಯಂತರರ ಕಛೇರಿ,
ಕರ್ನಾಟಕ ನಗರ ನೀರು ಸರಬರಾಜು ಮತ್ತು ಒಳಚರಂಡಿ
ಮಂಡಳಿ, ವಿಭಾಗ ಬಿಜಾಪುರ ಜಿಲ್ಲೆ ವಿಜಯಪುರ - 586101
ದೂರವಾಣಿ: 08352-253161, 251641,
ಇ-ಮೇಲ್: kuwsdbeebjp@yahoo.com
ಟೆಂಡರ್ ಪ್ರಕಟಣೆ
(ಎರಡನೇ ಇ-ಪ್ರಕ್ಯೂರ್‌ಮೆಂಟ್ ಪೋರ್ಟಲ್ ಮುಖಾಂತರ ಮಾತ್ರ)

ಈ ಕೆಳಗಿನ ಕಾಮಗಾರಿಗಾಗಿ ಕರ್ನಾಟಕ ಸರ್ಕಾರದ ಇ-ಪ್ರಕ್ಯೂರ್‌ಮೆಂಟ್ ಪೋರ್ಟಲ್ (https://kppp.karnataka.gov.in) ಮುಖಾಂತರ ಟೆಂಡರ್ ಆಹ್ವಾನಿಸಲಾಗಿದೆ. ಟೆಂಡರ್ ಸಂಖ್ಯೆ: 3342 ದಿನಾಂಕ: 23-02-2026. ಕಾಮಗಾರಿ 2025-26 ನೇ ಸಾಲಿನ SCP ಅನುದಾನದಡಿ (Part A South Side) ಗೆ ಇಂಡೆಂಟ್ ಸಂಖ್ಯೆ INDENT NO. KUWSDB/2025-26/WS/WORK_INDENT494.

ಸಹಿ/- ಕಾರ್ಯಪಾಲಕ ಅಭಿಯಂತರರು, ಕ.ನ.ನೀ.ಸ ಮತ್ತು ಒ.ಮಂ. ವಿಭಾಗ, ವಿಜಯಪುರ
